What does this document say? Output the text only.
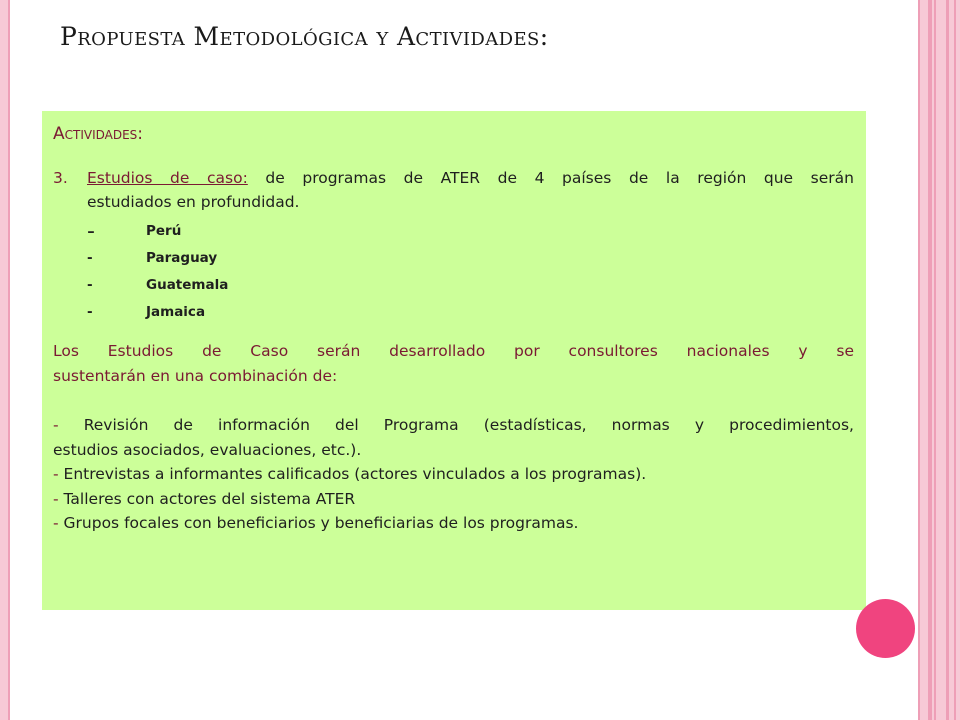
Propuesta Metodológica y Actividades:
Actividades:
3. Estudios de caso: de programas de ATER de 4 países de la región que serán
estudiados en profundidad.
-	Perú
-	Paraguay
-	Guatemala
-	Jamaica

Los Estudios de Caso serán desarrollado por consultores nacionales y se
sustentarán en una combinación de:

- Revisión de información del Programa (estadísticas, normas y procedimientos,
estudios asociados, evaluaciones, etc.).
- Entrevistas a informantes calificados (actores vinculados a los programas).
- Talleres con actores del sistema ATER
- Grupos focales con beneficiarios y beneficiarias de los programas.
